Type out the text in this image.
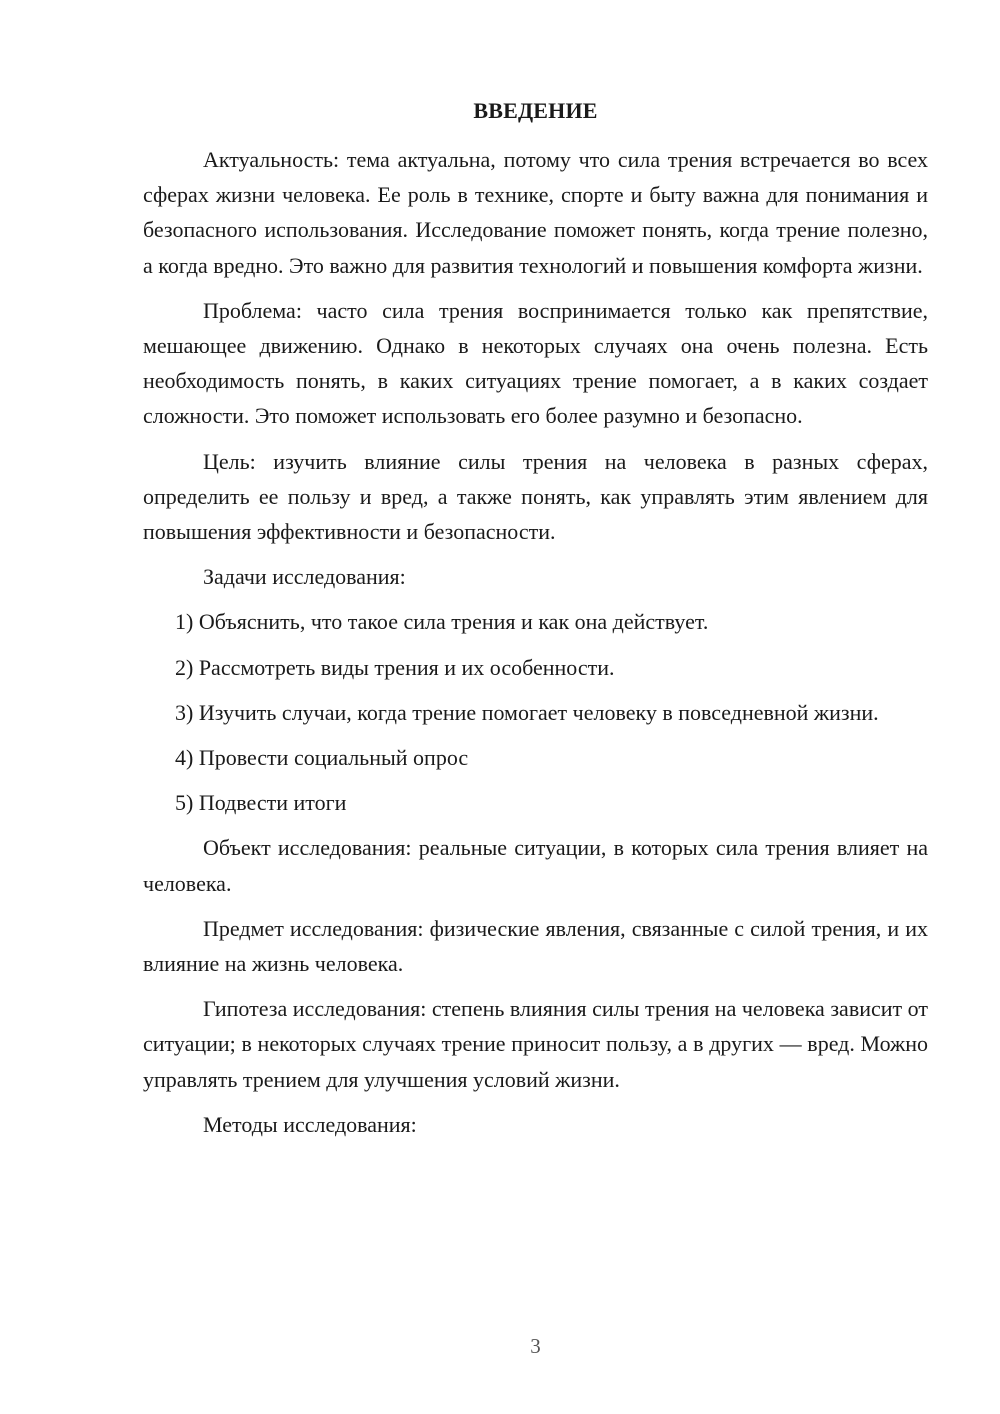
ВВЕДЕНИЕ

Актуальность: тема актуальна, потому что сила трения встречается во всех сферах жизни человека. Ее роль в технике, спорте и быту важна для понимания и безопасного использования. Исследование поможет понять, когда трение полезно, а когда вредно. Это важно для развития технологий и повышения комфорта жизни.

Проблема: часто сила трения воспринимается только как препятствие, мешающее движению. Однако в некоторых случаях она очень полезна. Есть необходимость понять, в каких ситуациях трение помогает, а в каких создает сложности. Это поможет использовать его более разумно и безопасно.

Цель: изучить влияние силы трения на человека в разных сферах, определить ее пользу и вред, а также понять, как управлять этим явлением для повышения эффективности и безопасности.

Задачи исследования:

1) Объяснить, что такое сила трения и как она действует.

2) Рассмотреть виды трения и их особенности.

3) Изучить случаи, когда трение помогает человеку в повседневной жизни.

4) Провести социальный опрос

5) Подвести итоги

Объект исследования: реальные ситуации, в которых сила трения влияет на человека.

Предмет исследования: физические явления, связанные с силой трения, и их влияние на жизнь человека.

Гипотеза исследования: степень влияния силы трения на человека зависит от ситуации; в некоторых случаях трение приносит пользу, а в других — вред. Можно управлять трением для улучшения условий жизни.

Методы исследования:

3
